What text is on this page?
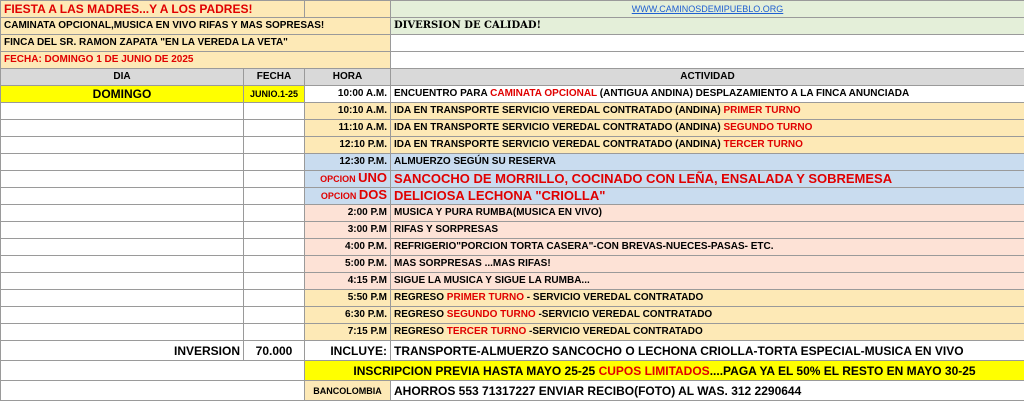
FIESTA A LAS MADRES...Y A LOS PADRES!			WWW.CAMINOSDEMIPUEBLO.ORG
CAMINATA OPCIONAL,MUSICA EN VIVO RIFAS Y MAS SOPRESAS!			DIVERSION DE CALIDAD!
FINCA DEL SR. RAMON ZAPATA "EN LA VEREDA LA VETA"			
FECHA: DOMINGO 1 DE JUNIO DE 2025			
DIA	FECHA	HORA	ACTIVIDAD
DOMINGO	JUNIO.1-25	10:00 A.M.	ENCUENTRO PARA CAMINATA OPCIONAL (ANTIGUA ANDINA) DESPLAZAMIENTO A LA FINCA ANUNCIADA
		10:10 A.M.	IDA EN TRANSPORTE SERVICIO VEREDAL CONTRATADO (ANDINA) PRIMER TURNO
		11:10 A.M.	IDA EN TRANSPORTE SERVICIO VEREDAL CONTRATADO (ANDINA) SEGUNDO TURNO
		12:10 P.M.	IDA EN TRANSPORTE SERVICIO VEREDAL CONTRATADO (ANDINA) TERCER TURNO
		12:30 P.M.	ALMUERZO SEGÚN SU RESERVA
		OPCION UNO	SANCOCHO DE MORRILLO, COCINADO CON LEÑA, ENSALADA Y SOBREMESA
		OPCION DOS	DELICIOSA LECHONA "CRIOLLA"
		2:00 P.M	MUSICA Y PURA RUMBA(MUSICA EN VIVO)
		3:00 P.M	RIFAS Y SORPRESAS
		4:00 P.M.	REFRIGERIO"PORCION TORTA CASERA"-CON BREVAS-NUECES-PASAS- ETC.
		5:00 P.M.	MAS SORPRESAS ...MAS RIFAS!
		4:15 P.M	SIGUE LA MUSICA Y SIGUE LA RUMBA...
		5:50 P.M	REGRESO PRIMER TURNO - SERVICIO VEREDAL CONTRATADO
		6:30 P.M.	REGRESO SEGUNDO TURNO -SERVICIO VEREDAL CONTRATADO
		7:15 P.M	REGRESO TERCER TURNO -SERVICIO VEREDAL CONTRATADO
INVERSION	70.000	INCLUYE:	TRANSPORTE-ALMUERZO SANCOCHO O LECHONA CRIOLLA-TORTA ESPECIAL-MUSICA EN VIVO
		INSCRIPCION PREVIA HASTA MAYO 25-25 CUPOS LIMITADOS....PAGA YA EL 50% EL RESTO EN MAYO 30-25	
		BANCOLOMBIA	AHORROS 553 71317227 ENVIAR RECIBO(FOTO) AL WAS. 312 2290644
